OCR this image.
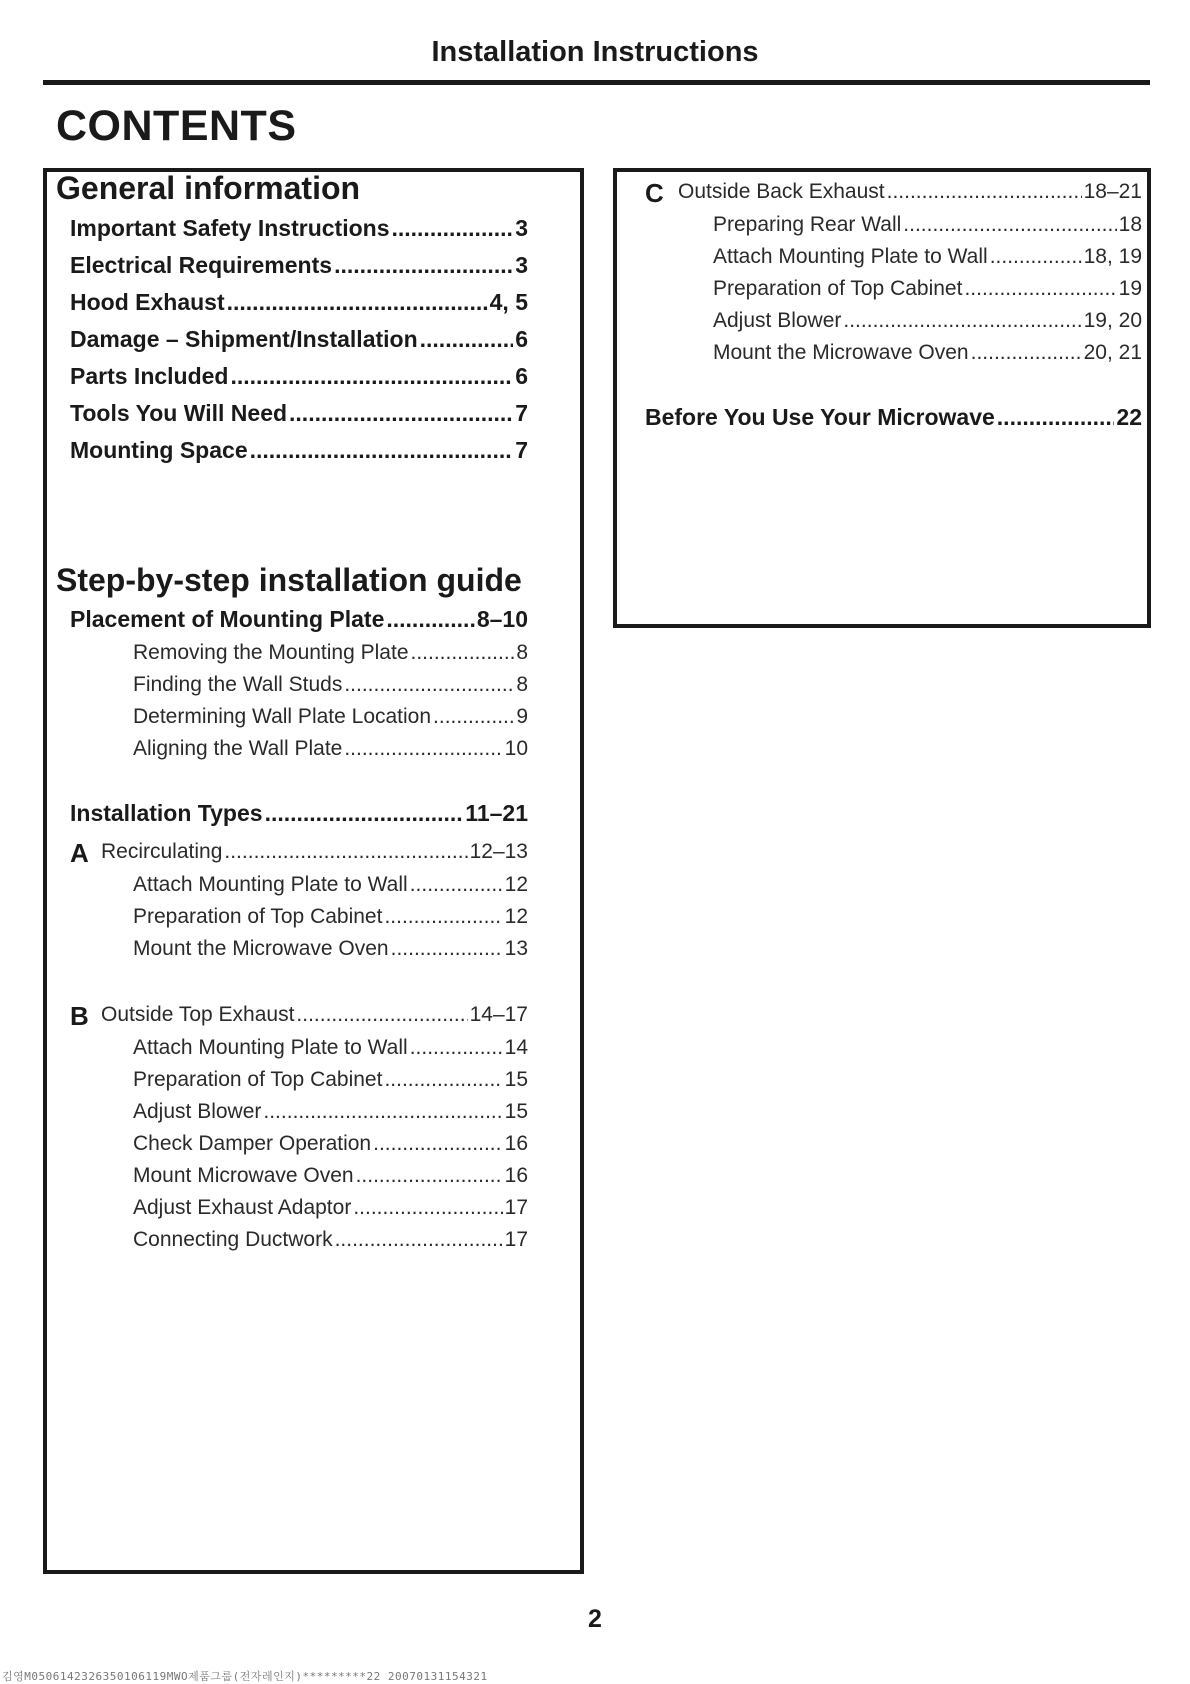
Installation Instructions
CONTENTS
General information
Important Safety Instructions .....	3
Electrical Requirements .....	3
Hood Exhaust .....	4, 5
Damage – Shipment/Installation .....	6
Parts Included .....	6
Tools You Will Need .....	7
Mounting Space .....	7
Step-by-step installation guide
Placement of Mounting Plate .....	8–10
Removing the Mounting Plate .....	8
Finding the Wall Studs .....	8
Determining Wall Plate Location .....	9
Aligning the Wall Plate .....	10
Installation Types .....	11–21
A Recirculating .....	12–13
Attach Mounting Plate to Wall .....	12
Preparation of Top Cabinet .....	12
Mount the Microwave Oven .....	13
B Outside Top Exhaust .....	14–17
Attach Mounting Plate to Wall .....	14
Preparation of Top Cabinet .....	15
Adjust Blower .....	15
Check Damper Operation .....	16
Mount Microwave Oven .....	16
Adjust Exhaust Adaptor .....	17
Connecting Ductwork .....	17
C Outside Back Exhaust .....	18–21
Preparing Rear Wall .....	18
Attach Mounting Plate to Wall .....	18, 19
Preparation of Top Cabinet .....	19
Adjust Blower .....	19, 20
Mount the Microwave Oven .....	20, 21
Before You Use Your Microwave .....	22
2
김영M0506142326350106119MWO제품그룹(전자레인지)*********22 20070131154321
